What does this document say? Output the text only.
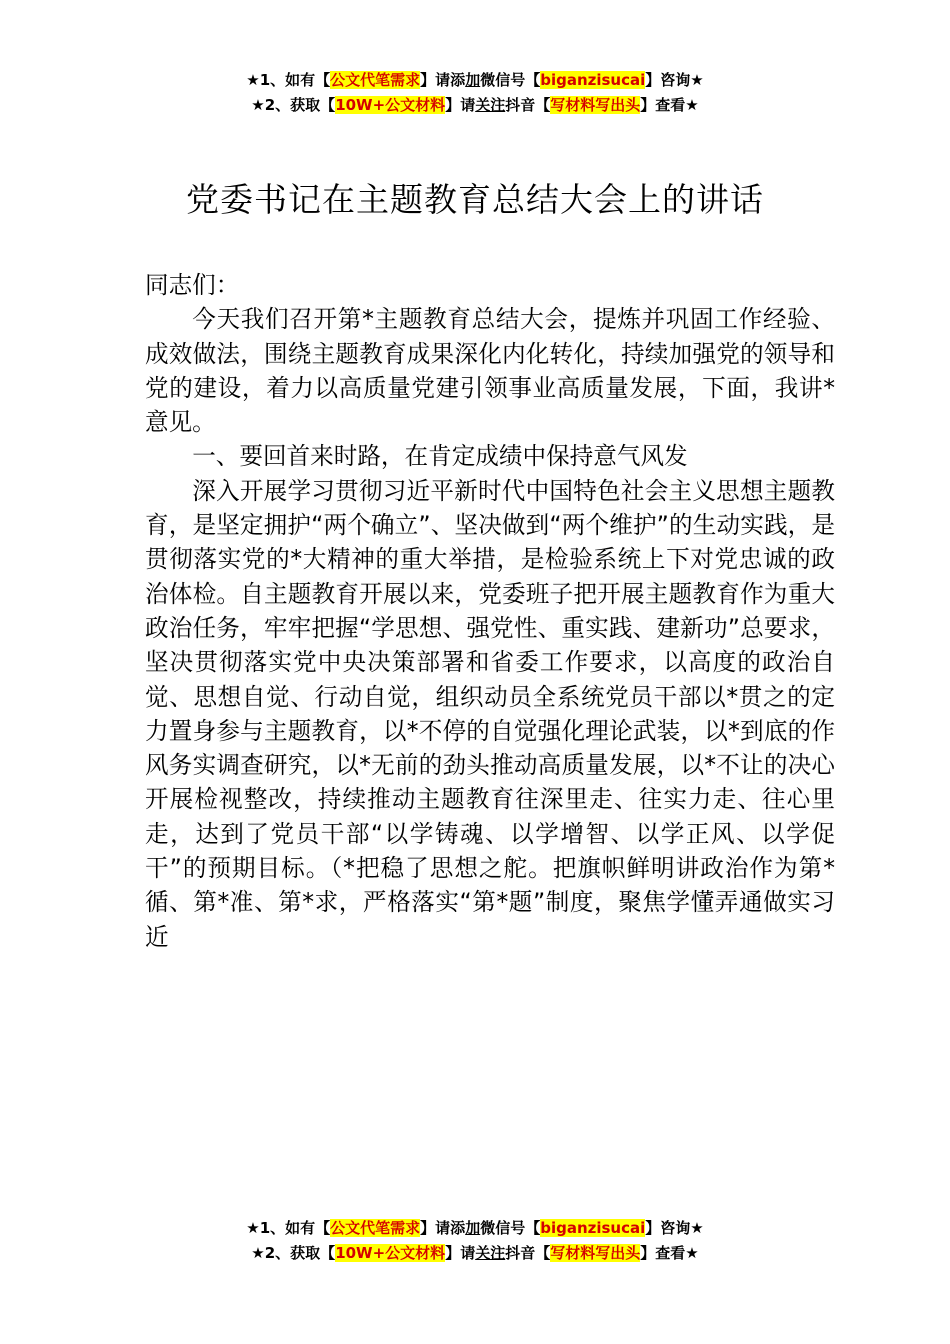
★1、如有【公文代笔需求】请添加微信号【biganzisucai】咨询★
★2、获取【10W+公文材料】请关注抖音【写材料写出头】查看★
党委书记在主题教育总结大会上的讲话

同志们：

今天我们召开第*主题教育总结大会，提炼并巩固工作经验、成效做法，围绕主题教育成果深化内化转化，持续加强党的领导和党的建设，着力以高质量党建引领事业高质量发展，下面，我讲*意见。

一、要回首来时路，在肯定成绩中保持意气风发

深入开展学习贯彻习近平新时代中国特色社会主义思想主题教育，是坚定拥护“两个确立”、坚决做到“两个维护”的生动实践，是贯彻落实党的*大精神的重大举措，是检验系统上下对党忠诚的政治体检。自主题教育开展以来，党委班子把开展主题教育作为重大政治任务，牢牢把握“学思想、强党性、重实践、建新功”总要求，坚决贯彻落实党中央决策部署和省委工作要求，以高度的政治自觉、思想自觉、行动自觉，组织动员全系统党员干部以*贯之的定力置身参与主题教育，以*不停的自觉强化理论武装，以*到底的作风务实调查研究，以*无前的劲头推动高质量发展，以*不让的决心开展检视整改，持续推动主题教育往深里走、往实力走、往心里走，达到了党员干部“以学铸魂、以学增智、以学正风、以学促干”的预期目标。（*把稳了思想之舵。把旗帜鲜明讲政治作为第*循、第*准、第*求，严格落实“第*题”制度，聚焦学懂弄通做实习近

★1、如有【公文代笔需求】请添加微信号【biganzisucai】咨询★
★2、获取【10W+公文材料】请关注抖音【写材料写出头】查看★
